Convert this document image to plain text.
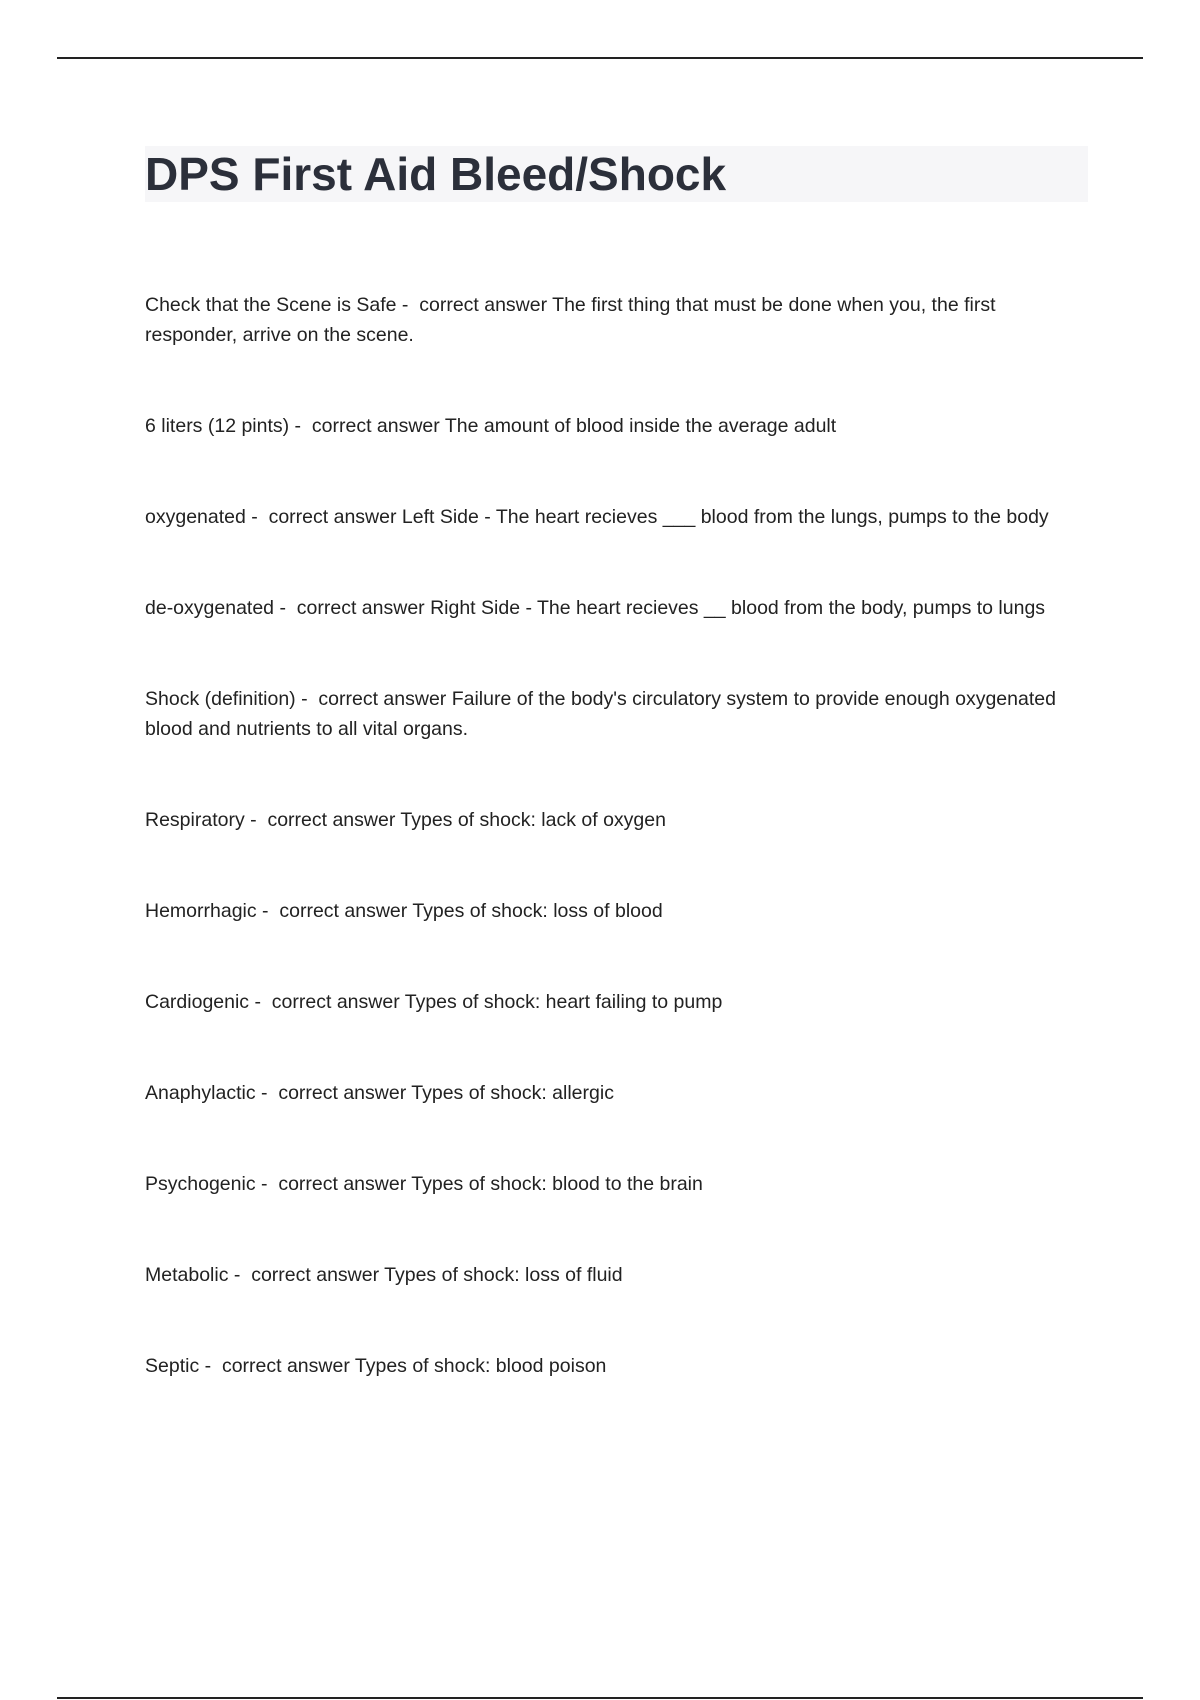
DPS First Aid Bleed/Shock
Check that the Scene is Safe -  correct answer The first thing that must be done when you, the first responder, arrive on the scene.
6 liters (12 pints) -  correct answer The amount of blood inside the average adult
oxygenated -  correct answer Left Side - The heart recieves ___ blood from the lungs, pumps to the body
de-oxygenated -  correct answer Right Side - The heart recieves __ blood from the body, pumps to lungs
Shock (definition) -  correct answer Failure of the body's circulatory system to provide enough oxygenated blood and nutrients to all vital organs.
Respiratory -  correct answer Types of shock: lack of oxygen
Hemorrhagic -  correct answer Types of shock: loss of blood
Cardiogenic -  correct answer Types of shock: heart failing to pump
Anaphylactic -  correct answer Types of shock: allergic
Psychogenic -  correct answer Types of shock: blood to the brain
Metabolic -  correct answer Types of shock: loss of fluid
Septic -  correct answer Types of shock: blood poison
